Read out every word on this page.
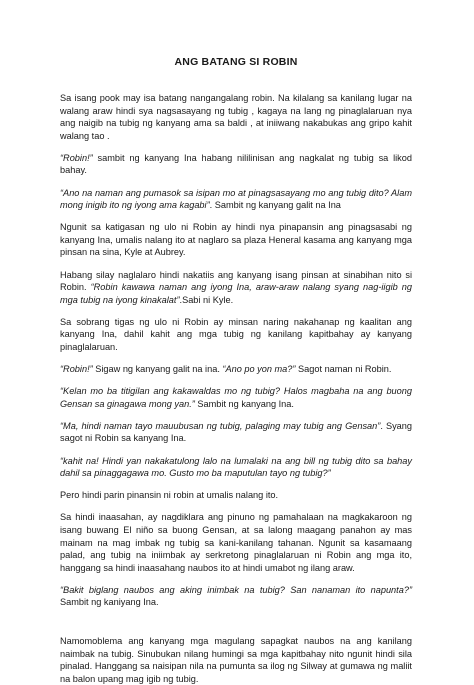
ANG BATANG SI ROBIN

Sa isang pook may isa batang nangangalang robin. Na kilalang sa kanilang lugar na walang araw hindi sya nagsasayang ng tubig , kagaya na lang ng pinaglalaruan nya ang naigib na tubig ng kanyang ama sa baldi , at iniiwang nakabukas ang gripo kahit walang tao .

“Robin!” sambit ng kanyang Ina habang nililinisan ang nagkalat ng tubig sa likod bahay.

“Ano na naman ang pumasok sa isipan mo at pinagsasayang mo ang tubig dito? Alam mong inigib ito ng iyong ama kagabi”. Sambit ng kanyang galit na Ina

Ngunit sa katigasan ng ulo ni Robin ay hindi nya pinapansin ang pinagsasabi ng kanyang Ina, umalis nalang ito at naglaro sa plaza Heneral kasama ang kanyang mga pinsan na sina, Kyle at Aubrey.

Habang silay naglalaro hindi nakatiis ang kanyang isang pinsan at sinabihan nito si Robin. “Robin kawawa naman ang iyong Ina, araw-araw nalang syang nag-iigib ng mga tubig na iyong kinakalat”.Sabi ni Kyle.

Sa sobrang tigas ng ulo ni Robin ay minsan naring nakahanap ng kaalitan ang kanyang Ina, dahil kahit ang mga tubig ng kanilang kapitbahay ay kanyang pinaglalaruan.

“Robin!” Sigaw ng kanyang galit na ina. “Ano po yon ma?” Sagot naman ni Robin.

“Kelan mo ba titigilan ang kakawaldas mo ng tubig? Halos magbaha na ang buong Gensan sa ginagawa mong yan.” Sambit ng kanyang Ina.

“Ma, hindi naman tayo mauubusan ng tubig, palaging may tubig ang Gensan”. Syang sagot ni Robin sa kanyang Ina.

“kahit na! Hindi yan nakakatulong lalo na lumalaki na ang bill ng tubig dito sa bahay dahil sa pinaggagawa mo. Gusto mo ba maputulan tayo ng tubig?”

Pero hindi parin pinansin ni robin at umalis nalang ito.

Sa hindi inaasahan, ay nagdiklara ang pinuno ng pamahalaan na magkakaroon ng isang buwang El niño sa buong Gensan, at sa lalong maagang panahon ay mas mainam na mag imbak ng tubig sa kani-kanilang tahanan. Ngunit sa kasamaang palad, ang tubig na iniimbak ay serkretong pinaglalaruan ni Robin ang mga ito, hanggang sa hindi inaasahang naubos ito at hindi umabot ng ilang araw.

“Bakit biglang naubos ang aking inimbak na tubig? San nanaman ito napunta?” Sambit ng kaniyang Ina.

Namomoblema ang kanyang mga magulang sapagkat naubos na ang kanilang naimbak na tubig. Sinubukan nilang humingi sa mga kapitbahay nito ngunit hindi sila pinalad. Hanggang sa naisipan nila na pumunta sa ilog ng Silway at gumawa ng maliit na balon upang mag igib ng tubig.
